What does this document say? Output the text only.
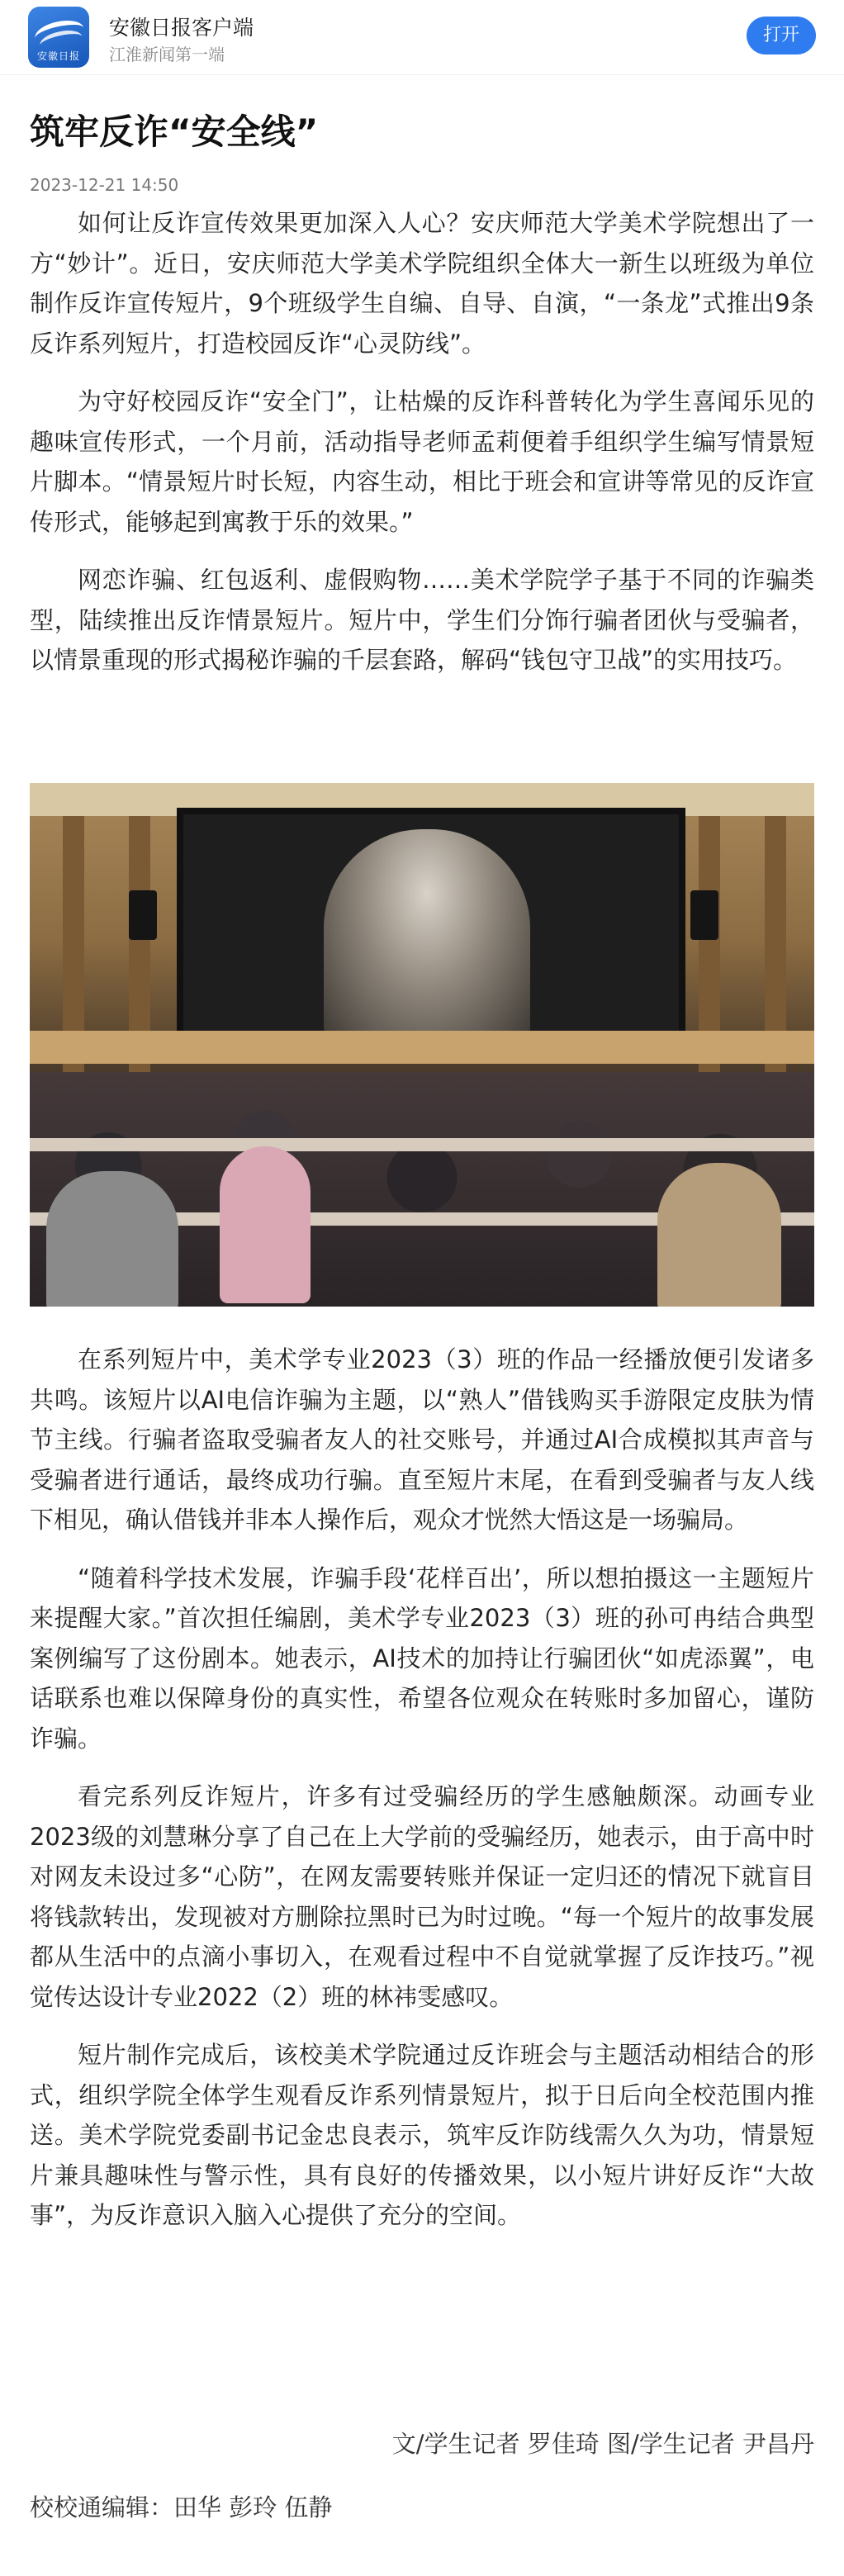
安徽日报
安徽日报客户端
江淮新闻第一端
打开
筑牢反诈“安全线”
2023-12-21 14:50

如何让反诈宣传效果更加深入人心？安庆师范大学美术学院想出了一方“妙计”。近日，安庆师范大学美术学院组织全体大一新生以班级为单位制作反诈宣传短片，9个班级学生自编、自导、自演，“一条龙”式推出9条反诈系列短片，打造校园反诈“心灵防线”。

为守好校园反诈“安全门”，让枯燥的反诈科普转化为学生喜闻乐见的趣味宣传形式，一个月前，活动指导老师孟莉便着手组织学生编写情景短片脚本。“情景短片时长短，内容生动，相比于班会和宣讲等常见的反诈宣传形式，能够起到寓教于乐的效果。”

网恋诈骗、红包返利、虚假购物……美术学院学子基于不同的诈骗类型，陆续推出反诈情景短片。短片中，学生们分饰行骗者团伙与受骗者，以情景重现的形式揭秘诈骗的千层套路，解码“钱包守卫战”的实用技巧。

在系列短片中，美术学专业2023（3）班的作品一经播放便引发诸多共鸣。该短片以AI电信诈骗为主题，以“熟人”借钱购买手游限定皮肤为情节主线。行骗者盗取受骗者友人的社交账号，并通过AI合成模拟其声音与受骗者进行通话，最终成功行骗。直至短片末尾，在看到受骗者与友人线下相见，确认借钱并非本人操作后，观众才恍然大悟这是一场骗局。

“随着科学技术发展，诈骗手段‘花样百出’，所以想拍摄这一主题短片来提醒大家。”首次担任编剧，美术学专业2023（3）班的孙可冉结合典型案例编写了这份剧本。她表示，AI技术的加持让行骗团伙“如虎添翼”，电话联系也难以保障身份的真实性，希望各位观众在转账时多加留心，谨防诈骗。

看完系列反诈短片，许多有过受骗经历的学生感触颇深。动画专业2023级的刘慧琳分享了自己在上大学前的受骗经历，她表示，由于高中时对网友未设过多“心防”，在网友需要转账并保证一定归还的情况下就盲目将钱款转出，发现被对方删除拉黑时已为时过晚。“每一个短片的故事发展都从生活中的点滴小事切入，在观看过程中不自觉就掌握了反诈技巧。”视觉传达设计专业2022（2）班的林祎雯感叹。

短片制作完成后，该校美术学院通过反诈班会与主题活动相结合的形式，组织学院全体学生观看反诈系列情景短片，拟于日后向全校范围内推送。美术学院党委副书记金忠良表示，筑牢反诈防线需久久为功，情景短片兼具趣味性与警示性，具有良好的传播效果，以小短片讲好反诈“大故事”，为反诈意识入脑入心提供了充分的空间。

文/学生记者 罗佳琦 图/学生记者 尹昌丹
校校通编辑：田华 彭玲 伍静
